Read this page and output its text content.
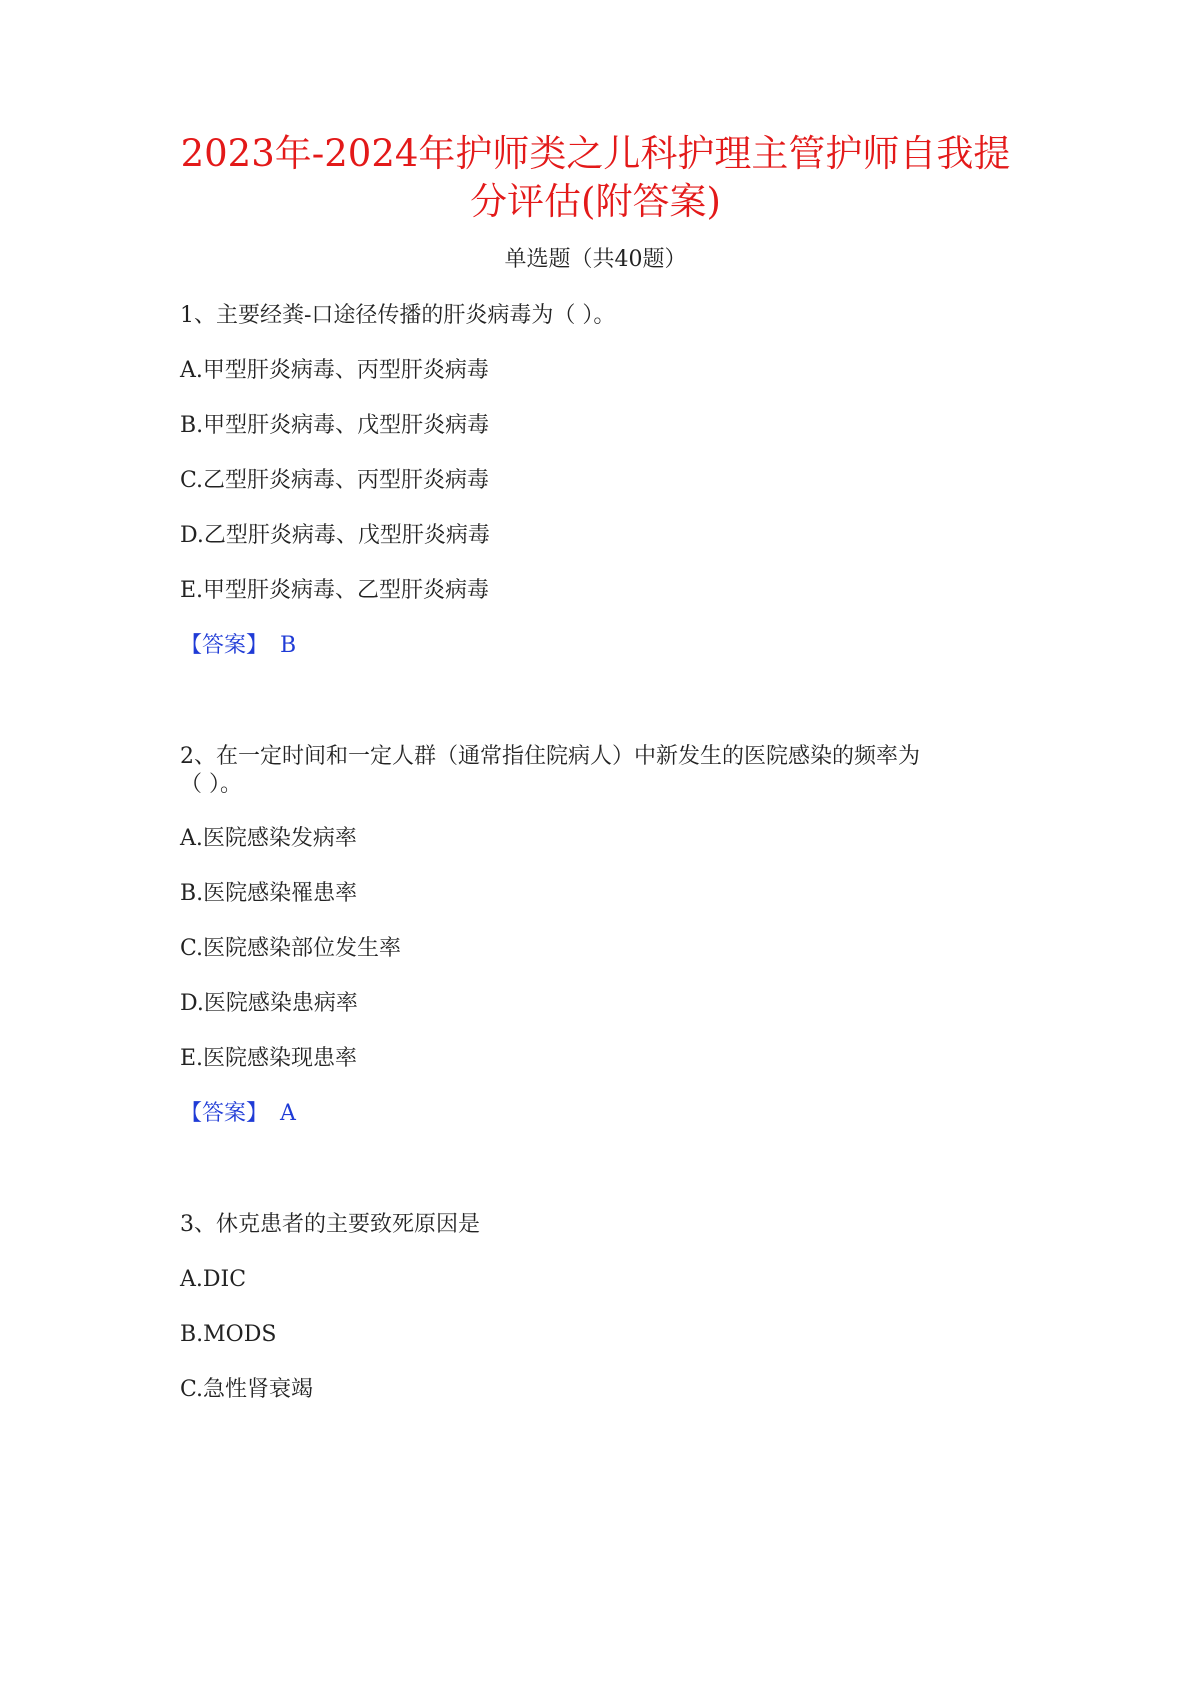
2023年-2024年护师类之儿科护理主管护师自我提
分评估(附答案)
单选题（共40题）
1、主要经粪-口途径传播的肝炎病毒为（ ）。
A.甲型肝炎病毒、丙型肝炎病毒
B.甲型肝炎病毒、戊型肝炎病毒
C.乙型肝炎病毒、丙型肝炎病毒
D.乙型肝炎病毒、戊型肝炎病毒
E.甲型肝炎病毒、乙型肝炎病毒
【答案】 B
2、在一定时间和一定人群（通常指住院病人）中新发生的医院感染的频率为
（ ）。
A.医院感染发病率
B.医院感染罹患率
C.医院感染部位发生率
D.医院感染患病率
E.医院感染现患率
【答案】 A
3、休克患者的主要致死原因是
A.DIC
B.MODS
C.急性肾衰竭
